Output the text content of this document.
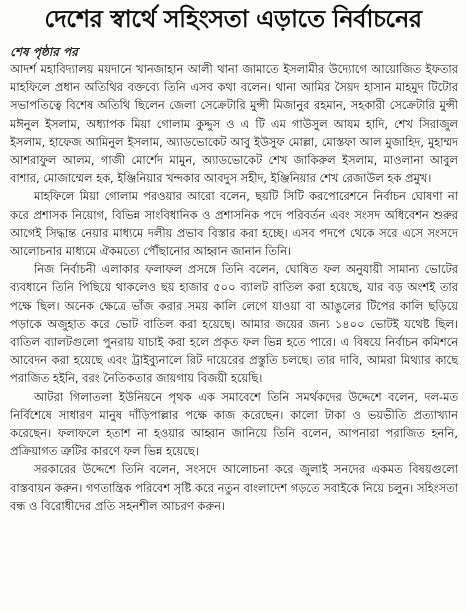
দেশের স্বার্থে সহিংসতা এড়াতে নির্বাচনের
শেষ পৃষ্ঠার পর

আদর্শ মহাবিদ্যালয় ময়দানে খানজাহান আলী থানা জামাতে ইসলামীর উদ্যোগে আয়োজিত ইফতার মাহফিলে প্রধান অতিথির বক্তব্যে তিনি এসব কথা বলেন। থানা আমির সৈয়দ হাসান মাহমুদ টিটোর সভাপতিত্বে বিশেষ অতিথি ছিলেন জেলা সেক্রেটারি মুন্সী মিজানুর রহমান, সহকারী সেক্রেটারি মুন্সী মঈনুল ইসলাম, অধ্যাপক মিয়া গোলাম কুদ্দুস ও এ টি এম গাউসুল আযম হাদি, শেখ সিরাজুল ইসলাম, হাফেজ আমিনুল ইসলাম, অ্যাডভোকেট আবু ইউসুফ মোল্লা, মোস্তফা আল মুজাহিদ, মুহাম্মদ আশরাফুল আলম, গাজী মোর্শেদ মামুন, অ্যাডভোকেট শেখ জাকিরুল ইসলাম, মাওলানা আবুল বাশার, মোজাম্মেল হক, ইঞ্জিনিয়ার খন্দকার আবদুস সহীদ, ইঞ্জিনিয়ার শেখ রেজাউল হক প্রমুখ।

মাহফিলে মিয়া গোলাম পরওয়ার আরো বলেন, ছয়টি সিটি করপোরেশনে নির্বাচন ঘোষণা না করে প্রশাসক নিয়োগ, বিভিন্ন সাংবিধানিক ও প্রশাসনিক পদে পরিবর্তন এবং সংসদ অধিবেশন শুরুর আগেই সিদ্ধান্ত নেয়ার মাধ্যমে দলীয় প্রভাব বিস্তার করা হচ্ছে। এসব পদপে থেকে সরে এসে সংসদে আলোচনার মাধ্যমে ঐকমত্যে পৌঁছানোর আহ্বান জানান তিনি।

নিজ নির্বাচনী এলাকার ফলাফল প্রসঙ্গে তিনি বলেন, ঘোষিত ফল অনুযায়ী সামান্য ভোটের ব্যবধানে তিনি পিছিয়ে থাকলেও ছয় হাজার ৫০০ ব্যালট বাতিল করা হয়েছে, যার বড় অংশই তার পক্ষে ছিল। অনেক ক্ষেত্রে ভাঁজ করার সময় কালি লেগে যাওয়া বা আঙুলের টিপের কালি ছড়িয়ে পড়াকে অজুহাত করে ভোট বাতিল করা হয়েছে। আমার জয়ের জন্য ১৪০০ ভোটই যথেষ্ট ছিল। বাতিল ব্যালটগুলো পুনরায় যাচাই করা হলে প্রকৃত ফল ভিন্ন হতে পারে। এ বিষয়ে নির্বাচন কমিশনে আবেদন করা হয়েছে এবং ট্রাইব্যুনালে রিট দায়েরের প্রস্তুতি চলছে। তার দাবি, আমরা মিথ্যার কাছে পরাজিত হইনি, বরং নৈতিকতার জায়গায় বিজয়ী হয়েছি।

আটরা গিলাতলা ইউনিয়নে পৃথক এক সমাবেশে তিনি সমর্থকদের উদ্দেশে বলেন, দল-মত নির্বিশেষে সাধারণ মানুষ দাঁড়িপাল্লার পক্ষে কাজ করেছেন। কালো টাকা ও ভয়ভীতি প্রত্যাখ্যান করেছেন। ফলাফলে হতাশ না হওয়ার আহ্বান জানিয়ে তিনি বলেন, আপনারা পরাজিত হননি, প্রক্রিয়াগত ত্রুটির কারণে ফল ভিন্ন হয়েছে।

সরকারের উদ্দেশে তিনি বলেন, সংসদে আলোচনা করে জুলাই সনদের একমত বিষয়গুলো বাস্তবায়ন করুন। গণতান্ত্রিক পরিবেশ সৃষ্টি করে নতুন বাংলাদেশ গড়তে সবাইকে নিয়ে চলুন। সহিংসতা বন্ধ ও বিরোধীদের প্রতি সহনশীল আচরণ করুন।
